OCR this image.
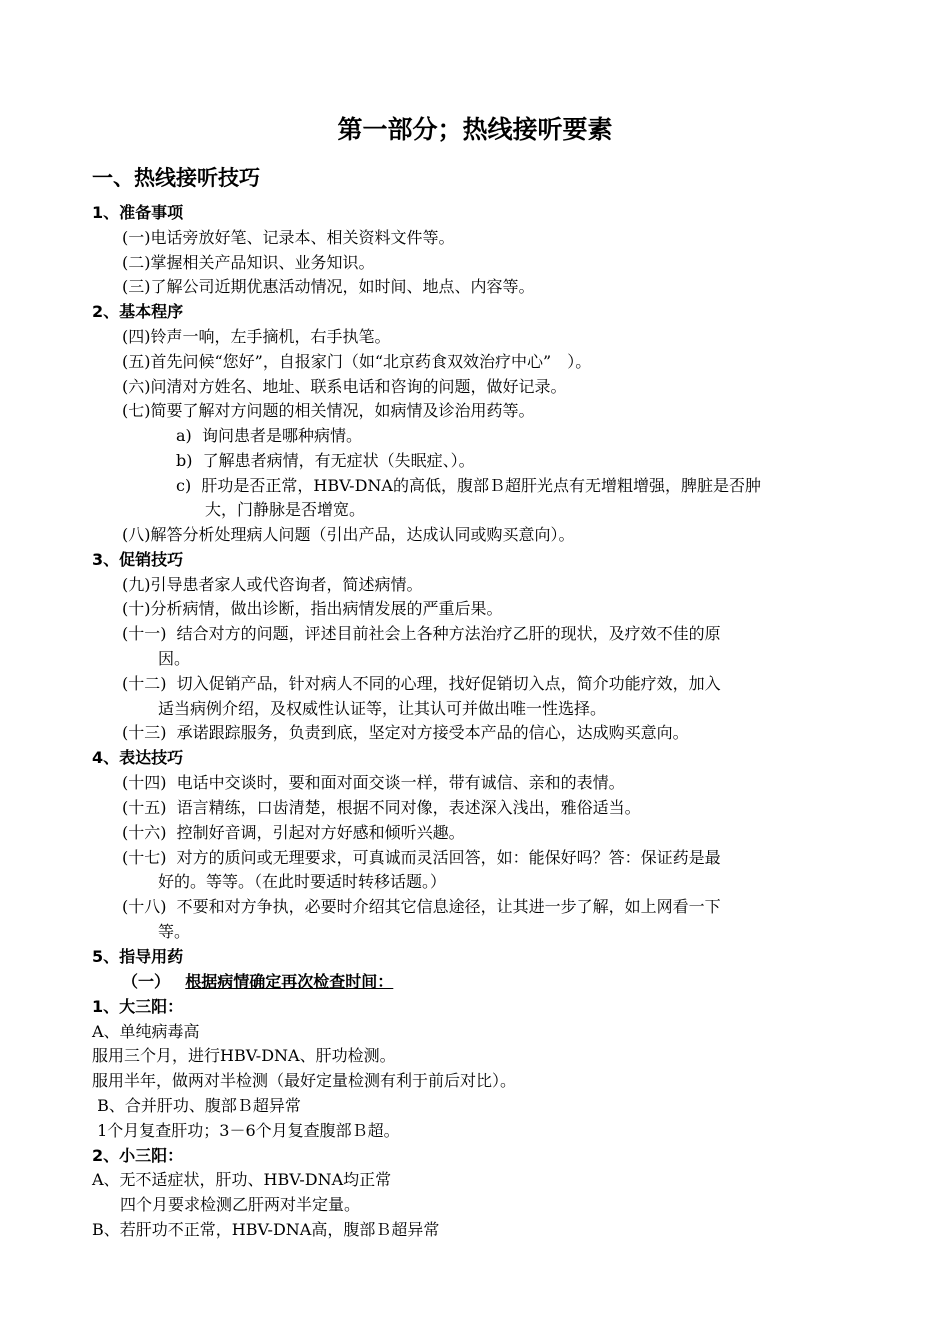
第一部分；热线接听要素
一、热线接听技巧
1、准备事项
(一)电话旁放好笔、记录本、相关资料文件等。
(二)掌握相关产品知识、业务知识。
(三)了解公司近期优惠活动情况，如时间、地点、内容等。
2、基本程序
(四)铃声一响，左手摘机，右手执笔。
(五)首先问候“您好”，自报家门（如“北京药食双效治疗中心”　）。
(六)问清对方姓名、地址、联系电话和咨询的问题，做好记录。
(七)简要了解对方问题的相关情况，如病情及诊治用药等。
a) 询问患者是哪种病情。
b) 了解患者病情，有无症状（失眠症、）。
c) 肝功是否正常，HBV-DNA的高低，腹部Ｂ超肝光点有无增粗增强，脾脏是否肿
大，门静脉是否增宽。
(八)解答分析处理病人问题（引出产品，达成认同或购买意向）。
3、促销技巧
(九)引导患者家人或代咨询者，简述病情。
(十)分析病情，做出诊断，指出病情发展的严重后果。
(十一) 结合对方的问题，评述目前社会上各种方法治疗乙肝的现状，及疗效不佳的原
因。
(十二) 切入促销产品，针对病人不同的心理，找好促销切入点，简介功能疗效，加入
适当病例介绍，及权威性认证等，让其认可并做出唯一性选择。
(十三) 承诺跟踪服务，负责到底，坚定对方接受本产品的信心，达成购买意向。
4、表达技巧
(十四) 电话中交谈时，要和面对面交谈一样，带有诚信、亲和的表情。
(十五) 语言精练，口齿清楚，根据不同对像，表述深入浅出，雅俗适当。
(十六) 控制好音调，引起对方好感和倾听兴趣。
(十七) 对方的质问或无理要求，可真诚而灵活回答，如：能保好吗？答：保证药是最
好的。等等。（在此时要适时转移话题。）
(十八) 不要和对方争执，必要时介绍其它信息途径，让其进一步了解，如上网看一下
等。
5、指导用药
（一） 根据病情确定再次检查时间：
1、大三阳：
A、单纯病毒高
服用三个月，进行HBV-DNA、肝功检测。
服用半年，做两对半检测（最好定量检测有利于前后对比）。
B、合并肝功、腹部Ｂ超异常
1个月复查肝功；3－6个月复查腹部Ｂ超。
2、小三阳：
A、无不适症状，肝功、HBV-DNA均正常
四个月要求检测乙肝两对半定量。
B、若肝功不正常，HBV-DNA高，腹部Ｂ超异常
